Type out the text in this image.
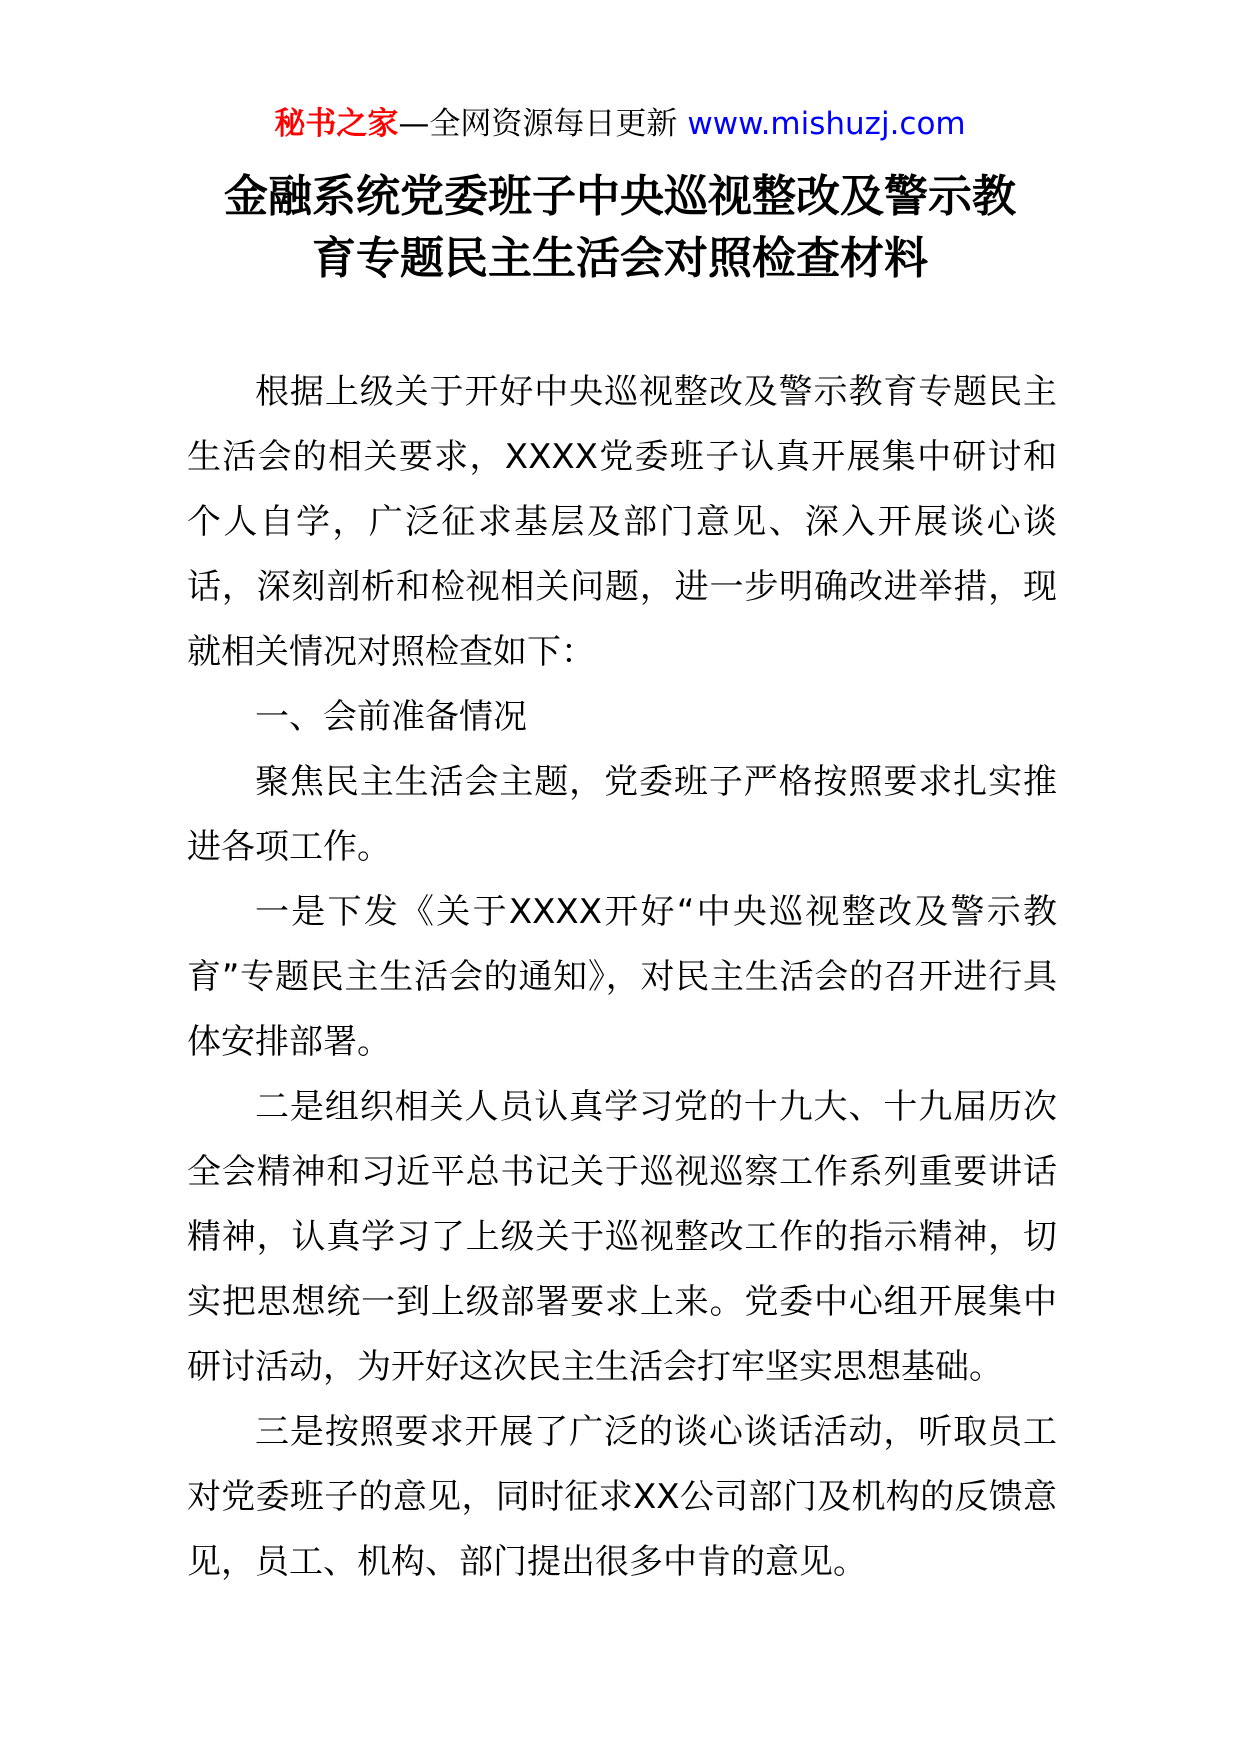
秘书之家—全网资源每日更新 www.mishuzj.com
金融系统党委班子中央巡视整改及警示教
育专题民主生活会对照检查材料

根据上级关于开好中央巡视整改及警示教育专题民主生活会的相关要求，XXXX党委班子认真开展集中研讨和个人自学，广泛征求基层及部门意见、深入开展谈心谈话，深刻剖析和检视相关问题，进一步明确改进举措，现就相关情况对照检查如下：

一、会前准备情况

聚焦民主生活会主题，党委班子严格按照要求扎实推进各项工作。

一是下发《关于XXXX开好“中央巡视整改及警示教育”专题民主生活会的通知》，对民主生活会的召开进行具体安排部署。

二是组织相关人员认真学习党的十九大、十九届历次全会精神和习近平总书记关于巡视巡察工作系列重要讲话精神，认真学习了上级关于巡视整改工作的指示精神，切实把思想统一到上级部署要求上来。党委中心组开展集中研讨活动，为开好这次民主生活会打牢坚实思想基础。

三是按照要求开展了广泛的谈心谈话活动，听取员工对党委班子的意见，同时征求XX公司部门及机构的反馈意见，员工、机构、部门提出很多中肯的意见。
